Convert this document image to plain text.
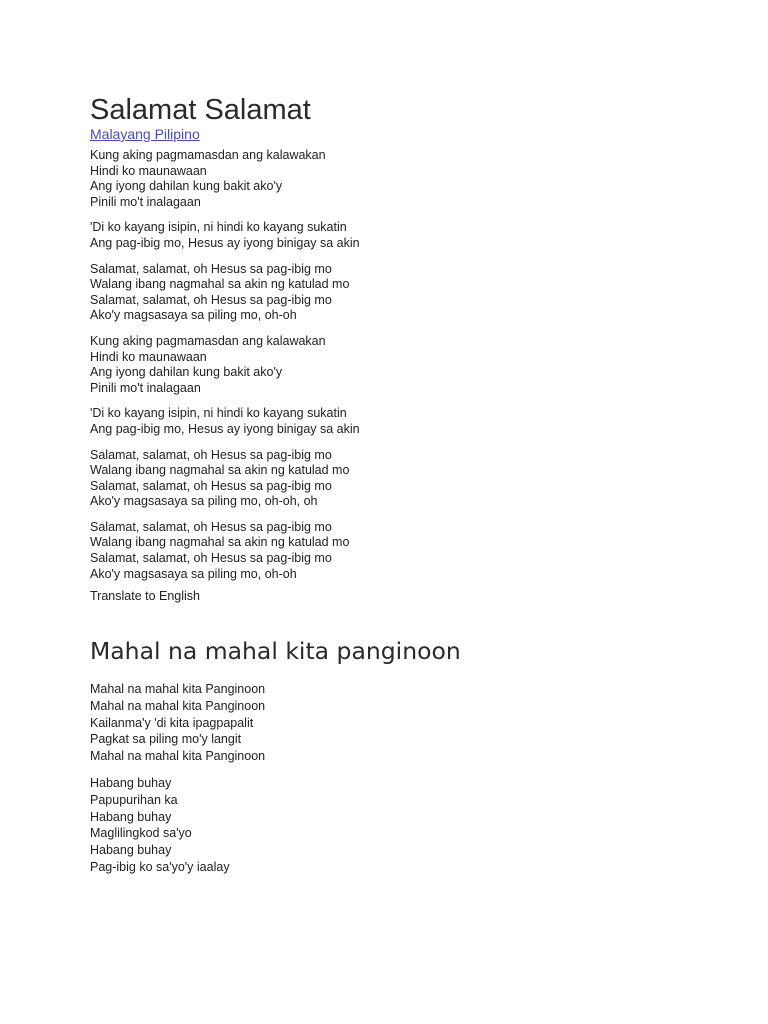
Salamat Salamat
Malayang Pilipino
Kung aking pagmamasdan ang kalawakan
Hindi ko maunawaan
Ang iyong dahilan kung bakit ako'y
Pinili mo't inalagaan
'Di ko kayang isipin, ni hindi ko kayang sukatin
Ang pag-ibig mo, Hesus ay iyong binigay sa akin
Salamat, salamat, oh Hesus sa pag-ibig mo
Walang ibang nagmahal sa akin ng katulad mo
Salamat, salamat, oh Hesus sa pag-ibig mo
Ako'y magsasaya sa piling mo, oh-oh
Kung aking pagmamasdan ang kalawakan
Hindi ko maunawaan
Ang iyong dahilan kung bakit ako'y
Pinili mo't inalagaan
'Di ko kayang isipin, ni hindi ko kayang sukatin
Ang pag-ibig mo, Hesus ay iyong binigay sa akin
Salamat, salamat, oh Hesus sa pag-ibig mo
Walang ibang nagmahal sa akin ng katulad mo
Salamat, salamat, oh Hesus sa pag-ibig mo
Ako'y magsasaya sa piling mo, oh-oh, oh
Salamat, salamat, oh Hesus sa pag-ibig mo
Walang ibang nagmahal sa akin ng katulad mo
Salamat, salamat, oh Hesus sa pag-ibig mo
Ako'y magsasaya sa piling mo, oh-oh
Translate to English
Mahal na mahal kita panginoon
Mahal na mahal kita Panginoon
Mahal na mahal kita Panginoon
Kailanma'y 'di kita ipagpapalit
Pagkat sa piling mo'y langit
Mahal na mahal kita Panginoon
Habang buhay
Papupurihan ka
Habang buhay
Maglilingkod sa'yo
Habang buhay
Pag-ibig ko sa'yo'y iaalay
